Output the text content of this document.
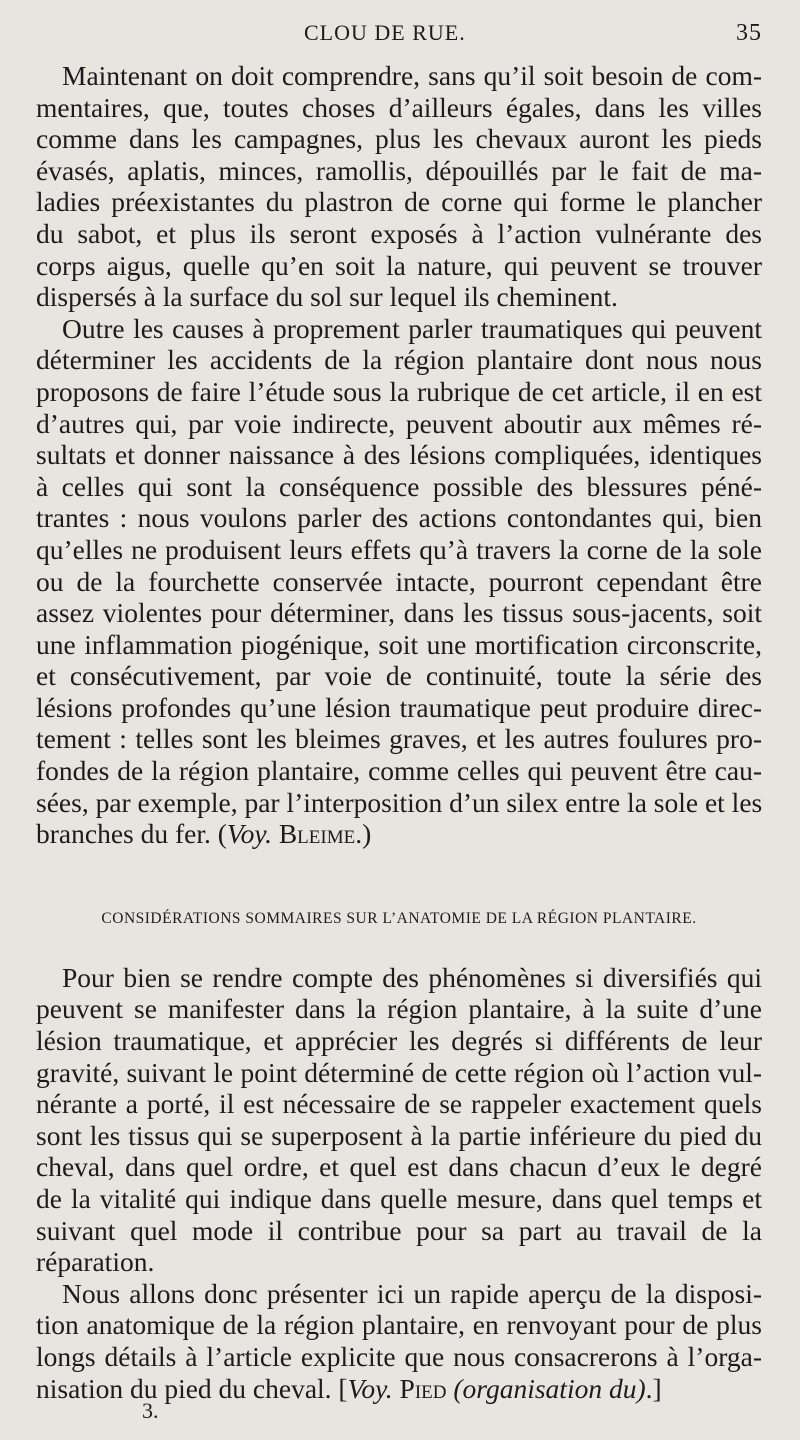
CLOU DE RUE.	35

Maintenant on doit comprendre, sans qu’il soit besoin de com-
mentaires, que, toutes choses d’ailleurs égales, dans les villes
comme dans les campagnes, plus les chevaux auront les pieds
évasés, aplatis, minces, ramollis, dépouillés par le fait de ma-
ladies préexistantes du plastron de corne qui forme le plancher
du sabot, et plus ils seront exposés à l’action vulnérante des
corps aigus, quelle qu’en soit la nature, qui peuvent se trouver
dispersés à la surface du sol sur lequel ils cheminent.

Outre les causes à proprement parler traumatiques qui peuvent
déterminer les accidents de la région plantaire dont nous nous
proposons de faire l’étude sous la rubrique de cet article, il en est
d’autres qui, par voie indirecte, peuvent aboutir aux mêmes ré-
sultats et donner naissance à des lésions compliquées, identiques
à celles qui sont la conséquence possible des blessures péné-
trantes : nous voulons parler des actions contondantes qui, bien
qu’elles ne produisent leurs effets qu’à travers la corne de la sole
ou de la fourchette conservée intacte, pourront cependant être
assez violentes pour déterminer, dans les tissus sous-jacents, soit
une inflammation piogénique, soit une mortification circonscrite,
et consécutivement, par voie de continuité, toute la série des
lésions profondes qu’une lésion traumatique peut produire direc-
tement : telles sont les bleimes graves, et les autres foulures pro-
fondes de la région plantaire, comme celles qui peuvent être cau-
sées, par exemple, par l’interposition d’un silex entre la sole et les
branches du fer. (Voy. Bleime.)

CONSIDÉRATIONS SOMMAIRES SUR L’ANATOMIE DE LA RÉGION PLANTAIRE.

Pour bien se rendre compte des phénomènes si diversifiés qui
peuvent se manifester dans la région plantaire, à la suite d’une
lésion traumatique, et apprécier les degrés si différents de leur
gravité, suivant le point déterminé de cette région où l’action vul-
nérante a porté, il est nécessaire de se rappeler exactement quels
sont les tissus qui se superposent à la partie inférieure du pied du
cheval, dans quel ordre, et quel est dans chacun d’eux le degré
de la vitalité qui indique dans quelle mesure, dans quel temps et
suivant quel mode il contribue pour sa part au travail de la
réparation.

Nous allons donc présenter ici un rapide aperçu de la disposi-
tion anatomique de la région plantaire, en renvoyant pour de plus
longs détails à l’article explicite que nous consacrerons à l’orga-
nisation du pied du cheval. [Voy. Pied (organisation du).]

3.
